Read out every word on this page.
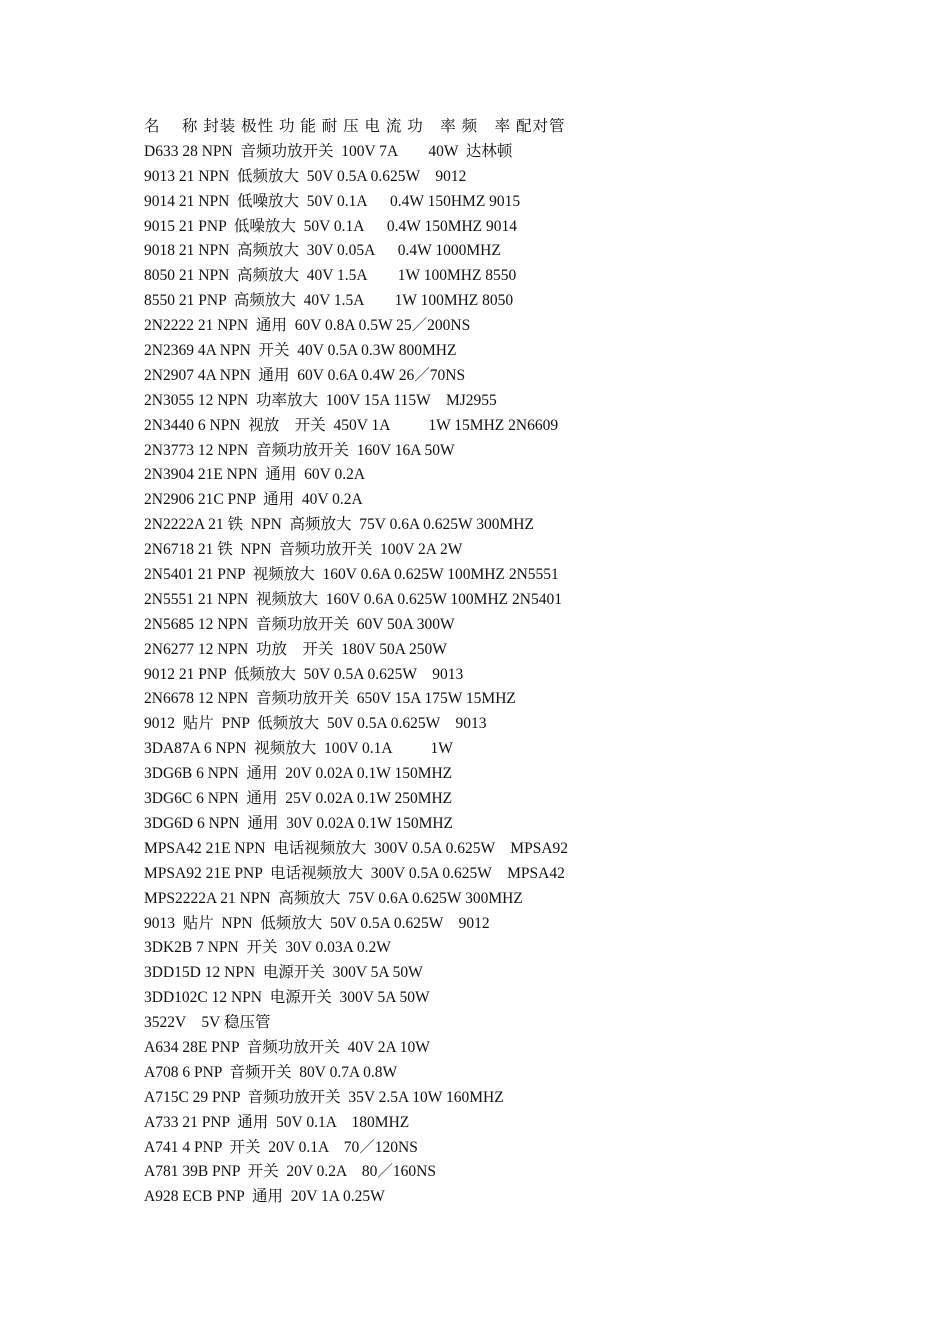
名　 称 封装 极性 功 能 耐 压 电 流 功　率 频　率 配对管
D633 28 NPN  音频功放开关  100V 7A        40W  达林顿
9013 21 NPN  低频放大  50V 0.5A 0.625W    9012
9014 21 NPN  低噪放大  50V 0.1A      0.4W 150HMZ 9015
9015 21 PNP  低噪放大  50V 0.1A      0.4W 150MHZ 9014
9018 21 NPN  高频放大  30V 0.05A      0.4W 1000MHZ
8050 21 NPN  高频放大  40V 1.5A        1W 100MHZ 8550
8550 21 PNP  高频放大  40V 1.5A        1W 100MHZ 8050
2N2222 21 NPN  通用  60V 0.8A 0.5W 25／200NS
2N2369 4A NPN  开关  40V 0.5A 0.3W 800MHZ
2N2907 4A NPN  通用  60V 0.6A 0.4W 26／70NS
2N3055 12 NPN  功率放大  100V 15A 115W    MJ2955
2N3440 6 NPN  视放    开关  450V 1A          1W 15MHZ 2N6609
2N3773 12 NPN  音频功放开关  160V 16A 50W
2N3904 21E NPN  通用  60V 0.2A
2N2906 21C PNP  通用  40V 0.2A
2N2222A 21 铁  NPN  高频放大  75V 0.6A 0.625W 300MHZ
2N6718 21 铁  NPN  音频功放开关  100V 2A 2W
2N5401 21 PNP  视频放大  160V 0.6A 0.625W 100MHZ 2N5551
2N5551 21 NPN  视频放大  160V 0.6A 0.625W 100MHZ 2N5401
2N5685 12 NPN  音频功放开关  60V 50A 300W
2N6277 12 NPN  功放    开关  180V 50A 250W
9012 21 PNP  低频放大  50V 0.5A 0.625W    9013
2N6678 12 NPN  音频功放开关  650V 15A 175W 15MHZ
9012  贴片  PNP  低频放大  50V 0.5A 0.625W    9013
3DA87A 6 NPN  视频放大  100V 0.1A          1W
3DG6B 6 NPN  通用  20V 0.02A 0.1W 150MHZ
3DG6C 6 NPN  通用  25V 0.02A 0.1W 250MHZ
3DG6D 6 NPN  通用  30V 0.02A 0.1W 150MHZ
MPSA42 21E NPN  电话视频放大  300V 0.5A 0.625W    MPSA92
MPSA92 21E PNP  电话视频放大  300V 0.5A 0.625W    MPSA42
MPS2222A 21 NPN  高频放大  75V 0.6A 0.625W 300MHZ
9013  贴片  NPN  低频放大  50V 0.5A 0.625W    9012
3DK2B 7 NPN  开关  30V 0.03A 0.2W
3DD15D 12 NPN  电源开关  300V 5A 50W
3DD102C 12 NPN  电源开关  300V 5A 50W
3522V    5V 稳压管
A634 28E PNP  音频功放开关  40V 2A 10W
A708 6 PNP  音频开关  80V 0.7A 0.8W
A715C 29 PNP  音频功放开关  35V 2.5A 10W 160MHZ
A733 21 PNP  通用  50V 0.1A    180MHZ
A741 4 PNP  开关  20V 0.1A    70／120NS
A781 39B PNP  开关  20V 0.2A    80／160NS
A928 ECB PNP  通用  20V 1A 0.25W
